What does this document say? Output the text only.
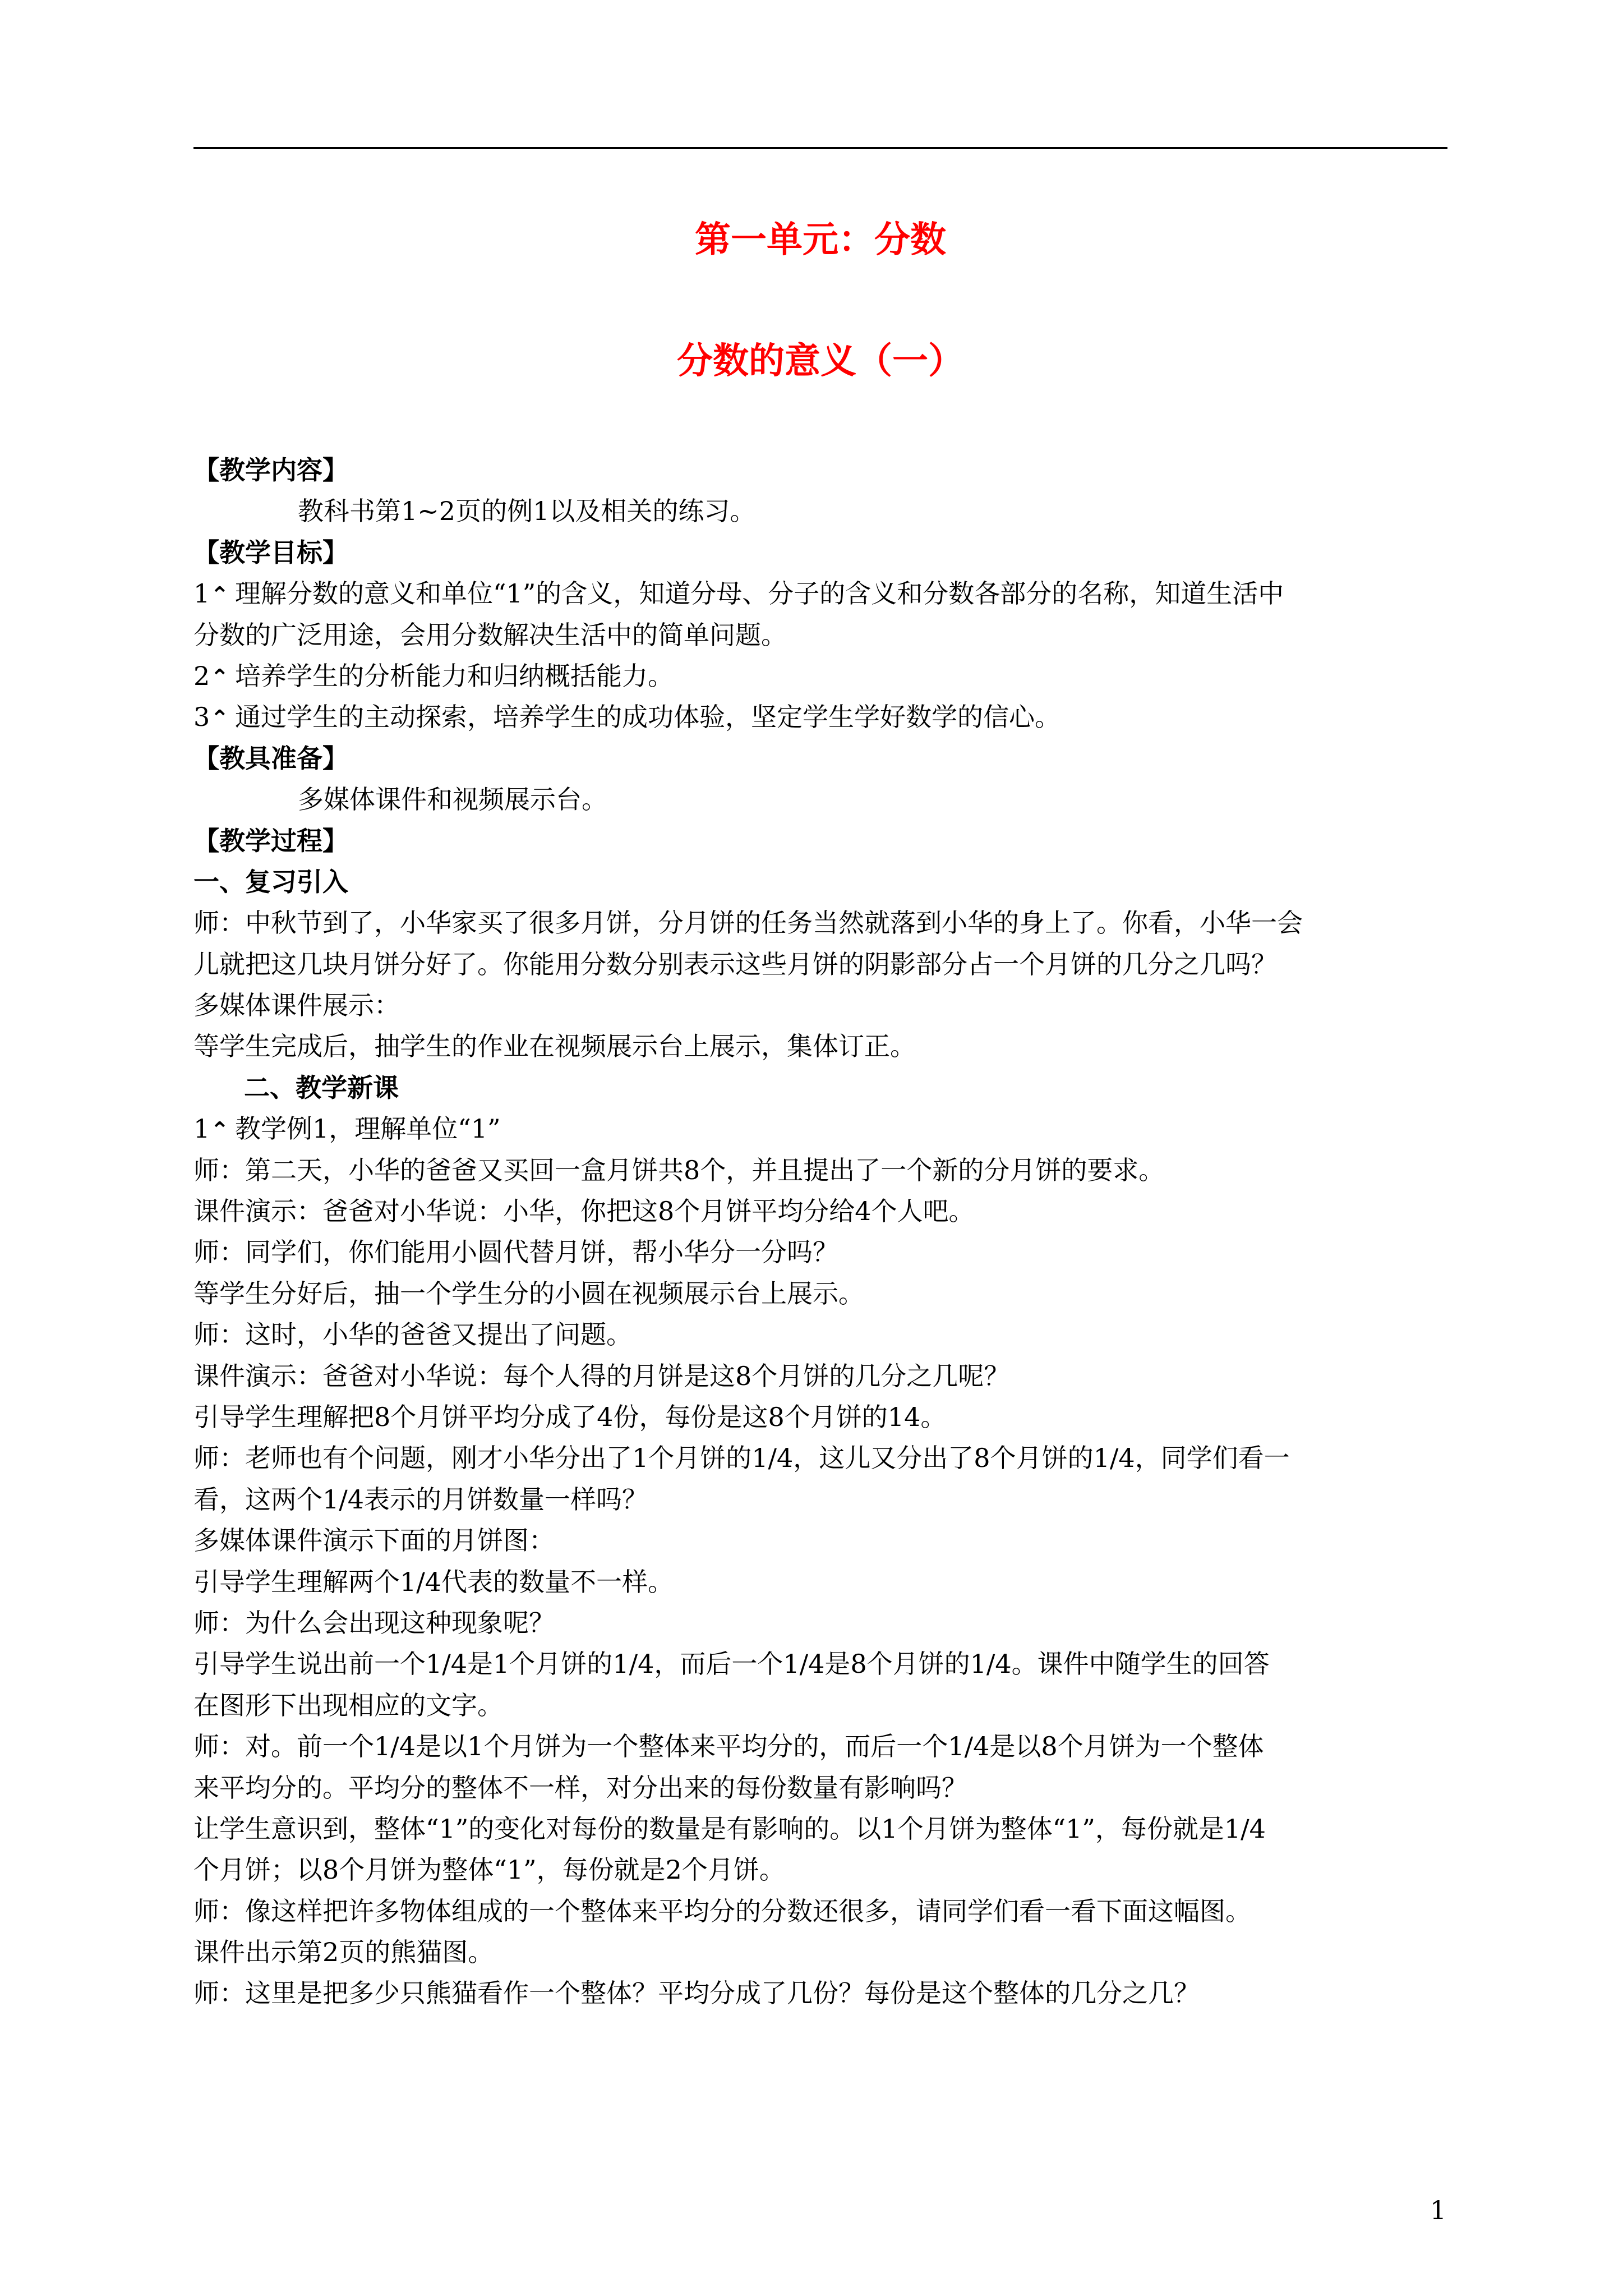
第一单元：分数
分数的意义（一）
【教学内容】
教科书第1~2页的例1以及相关的练习。
【教学目标】
1⌃ 理解分数的意义和单位“1”的含义，知道分母、分子的含义和分数各部分的名称，知道生活中
分数的广泛用途，会用分数解决生活中的简单问题。
2⌃ 培养学生的分析能力和归纳概括能力。
3⌃ 通过学生的主动探索，培养学生的成功体验，坚定学生学好数学的信心。
【教具准备】
多媒体课件和视频展示台。
【教学过程】
一、复习引入
师：中秋节到了，小华家买了很多月饼，分月饼的任务当然就落到小华的身上了。你看，小华一会
儿就把这几块月饼分好了。你能用分数分别表示这些月饼的阴影部分占一个月饼的几分之几吗？
多媒体课件展示：
等学生完成后，抽学生的作业在视频展示台上展示，集体订正。
二、教学新课
1⌃ 教学例1，理解单位“1”
师：第二天，小华的爸爸又买回一盒月饼共8个，并且提出了一个新的分月饼的要求。
课件演示：爸爸对小华说：小华，你把这8个月饼平均分给4个人吧。
师：同学们，你们能用小圆代替月饼，帮小华分一分吗？
等学生分好后，抽一个学生分的小圆在视频展示台上展示。
师：这时，小华的爸爸又提出了问题。
课件演示：爸爸对小华说：每个人得的月饼是这8个月饼的几分之几呢？
引导学生理解把8个月饼平均分成了4份，每份是这8个月饼的14。
师：老师也有个问题，刚才小华分出了1个月饼的1/4，这儿又分出了8个月饼的1/4，同学们看一
看，这两个1/4表示的月饼数量一样吗？
多媒体课件演示下面的月饼图：
引导学生理解两个1/4代表的数量不一样。
师：为什么会出现这种现象呢？
引导学生说出前一个1/4是1个月饼的1/4，而后一个1/4是8个月饼的1/4。课件中随学生的回答
在图形下出现相应的文字。
师：对。前一个1/4是以1个月饼为一个整体来平均分的，而后一个1/4是以8个月饼为一个整体
来平均分的。平均分的整体不一样，对分出来的每份数量有影响吗？
让学生意识到，整体“1”的变化对每份的数量是有影响的。以1个月饼为整体“1”，每份就是1/4
个月饼；以8个月饼为整体“1”，每份就是2个月饼。
师：像这样把许多物体组成的一个整体来平均分的分数还很多，请同学们看一看下面这幅图。
课件出示第2页的熊猫图。
师：这里是把多少只熊猫看作一个整体？平均分成了几份？每份是这个整体的几分之几？
1
